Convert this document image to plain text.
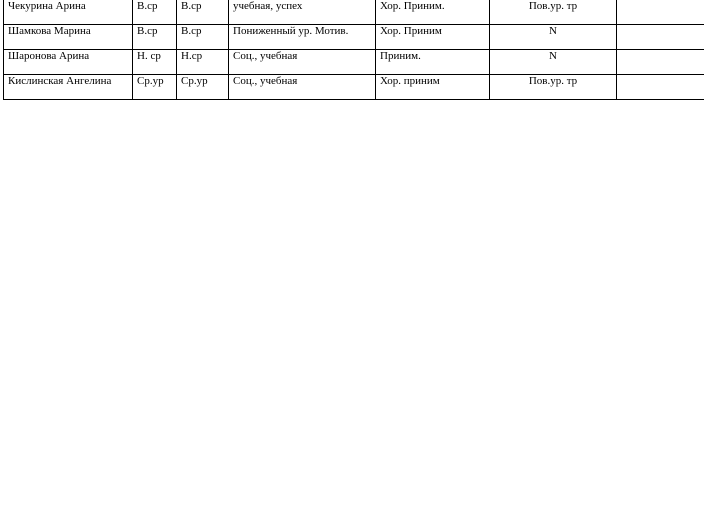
Чекурина Арина	В.ср	В.ср	учебная, успех	Хор. Приним.	Пов.ур. тр	
Шамкова Марина	В.ср	В.ср	Пониженный ур. Мотив.	Хор. Приним	N	
Шаронова Арина	Н. ср	Н.ср	Соц., учебная	Приним.	N	
Кислинская Ангелина	Ср.ур	Ср.ур	Соц., учебная	Хор. приним	Пов.ур. тр	
